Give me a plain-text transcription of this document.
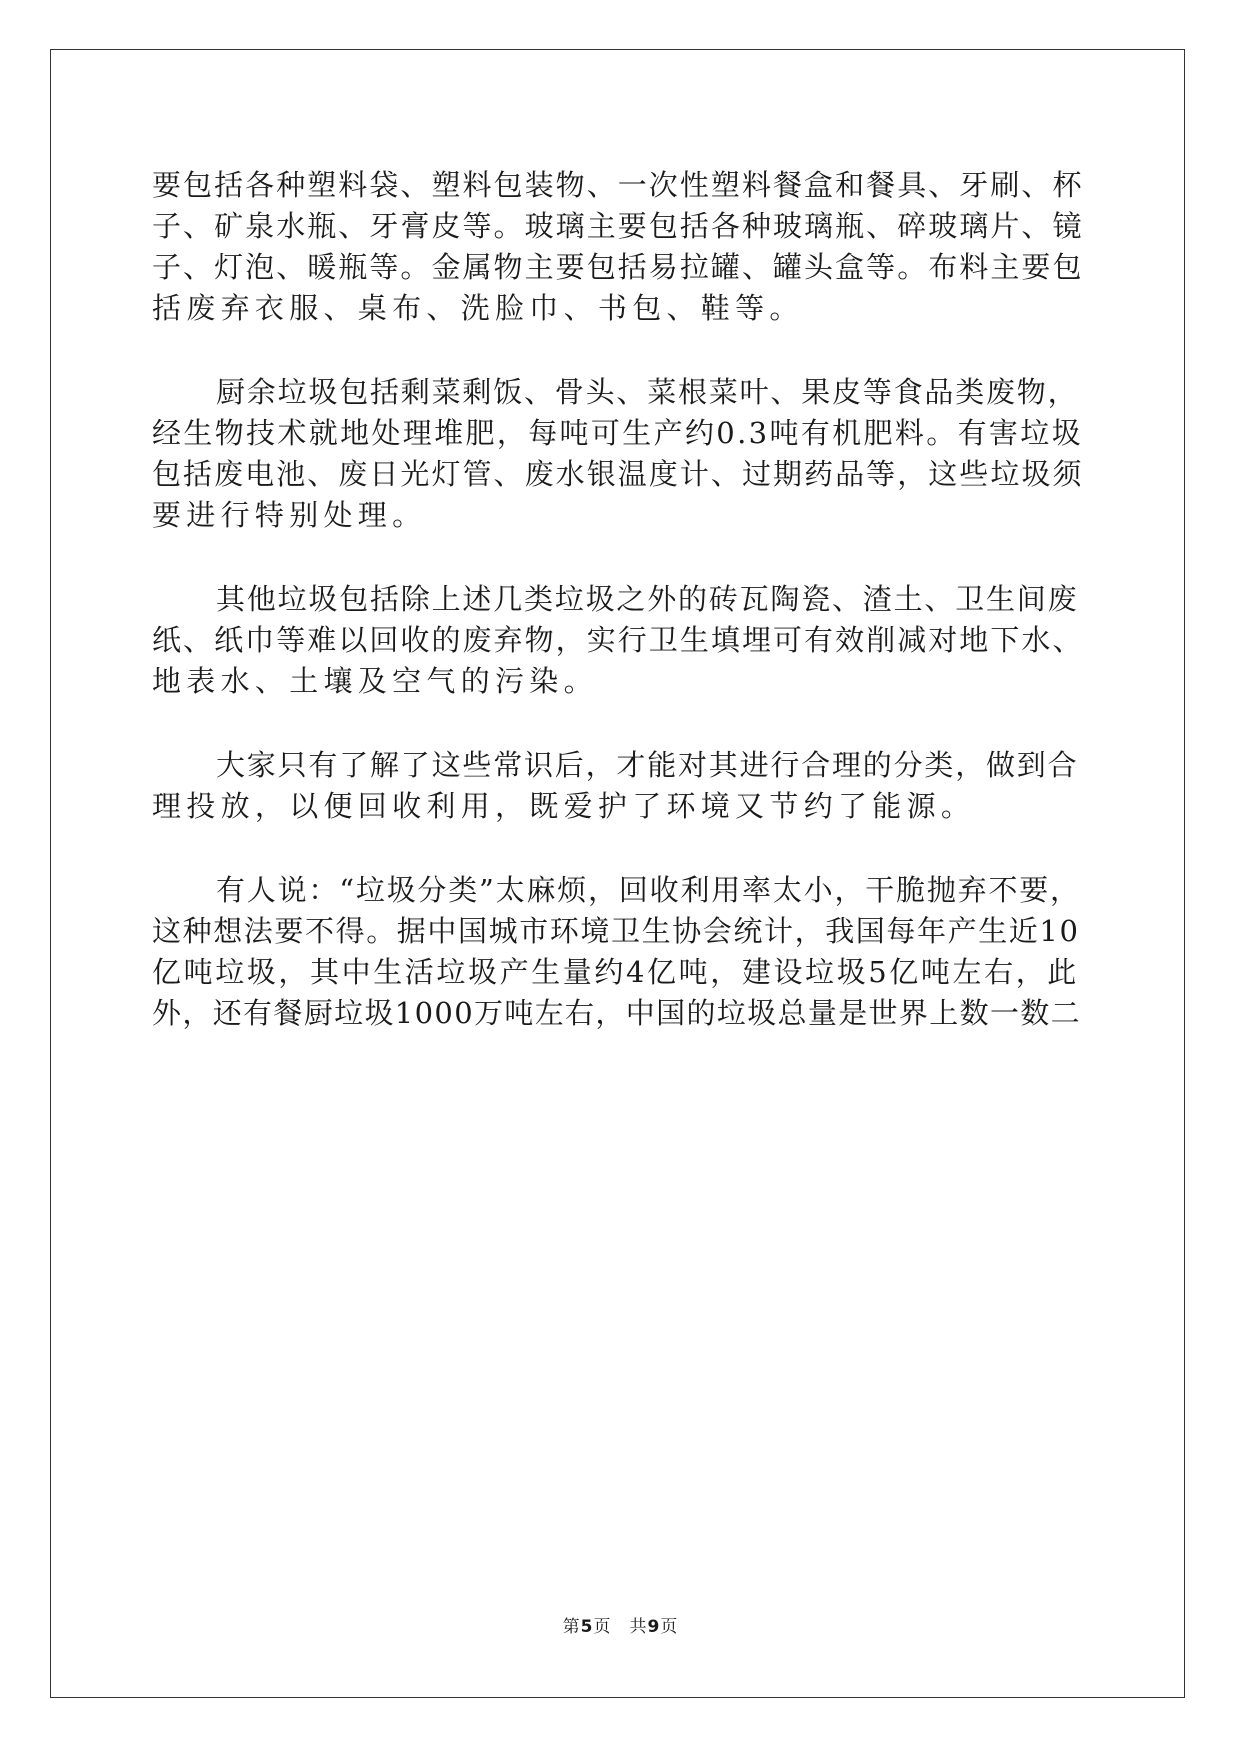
要包括各种塑料袋、塑料包装物、一次性塑料餐盒和餐具、牙刷、杯
子、矿泉水瓶、牙膏皮等。玻璃主要包括各种玻璃瓶、碎玻璃片、镜
子、灯泡、暖瓶等。金属物主要包括易拉罐、罐头盒等。布料主要包
括废弃衣服、桌布、洗脸巾、书包、鞋等。
厨余垃圾包括剩菜剩饭、骨头、菜根菜叶、果皮等食品类废物，
经生物技术就地处理堆肥，每吨可生产约0.3吨有机肥料。有害垃圾
包括废电池、废日光灯管、废水银温度计、过期药品等，这些垃圾须
要进行特别处理。
其他垃圾包括除上述几类垃圾之外的砖瓦陶瓷、渣土、卫生间废
纸、纸巾等难以回收的废弃物，实行卫生填埋可有效削减对地下水、
地表水、土壤及空气的污染。
大家只有了解了这些常识后，才能对其进行合理的分类，做到合
理投放，以便回收利用，既爱护了环境又节约了能源。
有人说：“垃圾分类”太麻烦，回收利用率太小，干脆抛弃不要，
这种想法要不得。据中国城市环境卫生协会统计，我国每年产生近10
亿吨垃圾，其中生活垃圾产生量约4亿吨，建设垃圾5亿吨左右，此
外，还有餐厨垃圾1000万吨左右，中国的垃圾总量是世界上数一数二
第5页 共9页
